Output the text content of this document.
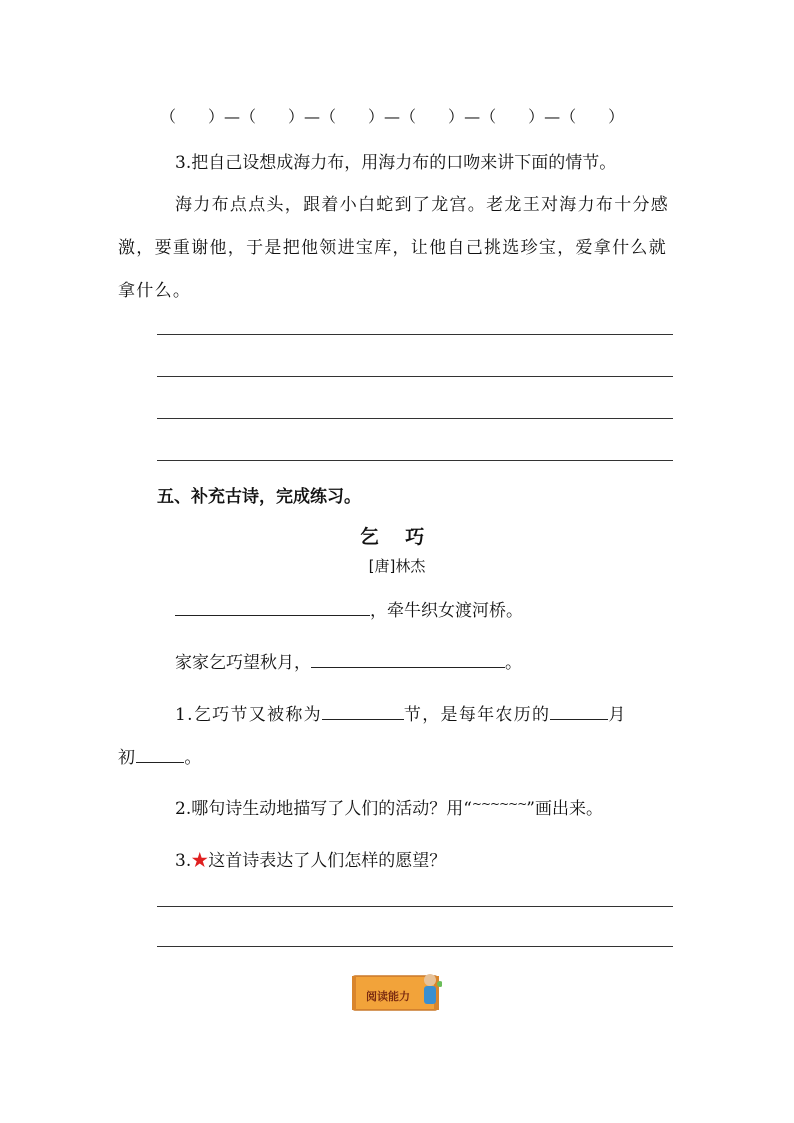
（　　）—（　　）—（　　）—（　　）—（　　）—（　　）
3.把自己设想成海力布，用海力布的口吻来讲下面的情节。
海力布点点头，跟着小白蛇到了龙宫。老龙王对海力布十分感
激，要重谢他，于是把他领进宝库，让他自己挑选珍宝，爱拿什么就
拿什么。
五、补充古诗，完成练习。
乞 巧
[唐]林杰
，牵牛织女渡河桥。
家家乞巧望秋月，	。
1.乞巧节又被称为	节，是每年农历的	月
初	。
2.哪句诗生动地描写了人们的活动？用“~~~~~~”画出来。
3.★这首诗表达了人们怎样的愿望？
阅读能力
